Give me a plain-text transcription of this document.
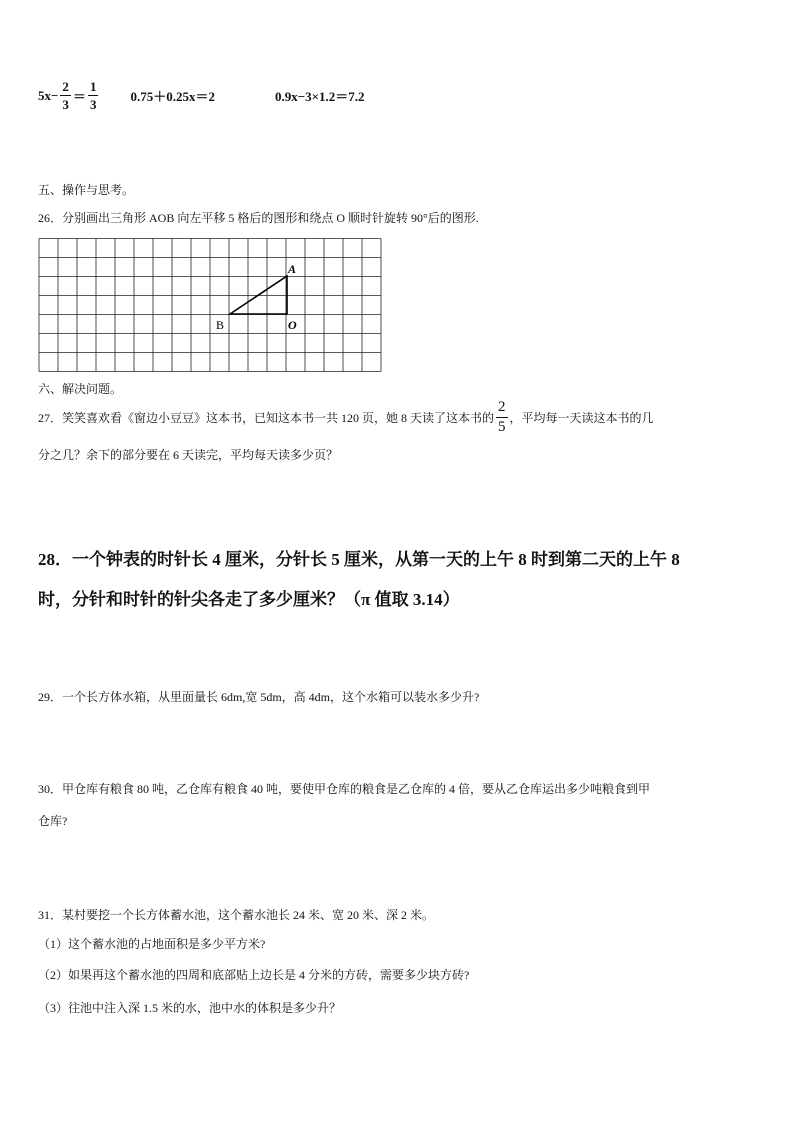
$5x- \frac{2}{3} = \frac{1}{3} 0.75+0.25x=2$	0.9x−3×1.2＝7.2
五、操作与思考。
26．分别画出三角形 AOB 向左平移 5 格后的图形和绕点 O 顺时针旋转 90°后的图形.
A
B	O
六、解决问题。
27．笑笑喜欢看《窗边小豆豆》这本书，已知这本书一共 120 页，她 8 天读了这本书的 $\frac{2}{5}$ ，平均每一天读这本书的几
分之几？余下的部分要在 6 天读完，平均每天读多少页？
28．一个钟表的时针长 4 厘米，分针长 5 厘米，从第一天的上午 8 时到第二天的上午 8
时，分针和时针的针尖各走了多少厘米？（π 值取 3.14）
29．一个长方体水箱，从里面量长 6dm,宽 5dm，高 4dm，这个水箱可以装水多少升?
30．甲仓库有粮食 80 吨，乙仓库有粮食 40 吨，要使甲仓库的粮食是乙仓库的 4 倍，要从乙仓库运出多少吨粮食到甲
仓库?
31．某村要挖一个长方体蓄水池，这个蓄水池长 24 米、宽 20 米、深 2 米。
（1）这个蓄水池的占地面积是多少平方米?
（2）如果再这个蓄水池的四周和底部贴上边长是 4 分米的方砖，需要多少块方砖?
（3）往池中注入深 1.5 米的水，池中水的体积是多少升？
